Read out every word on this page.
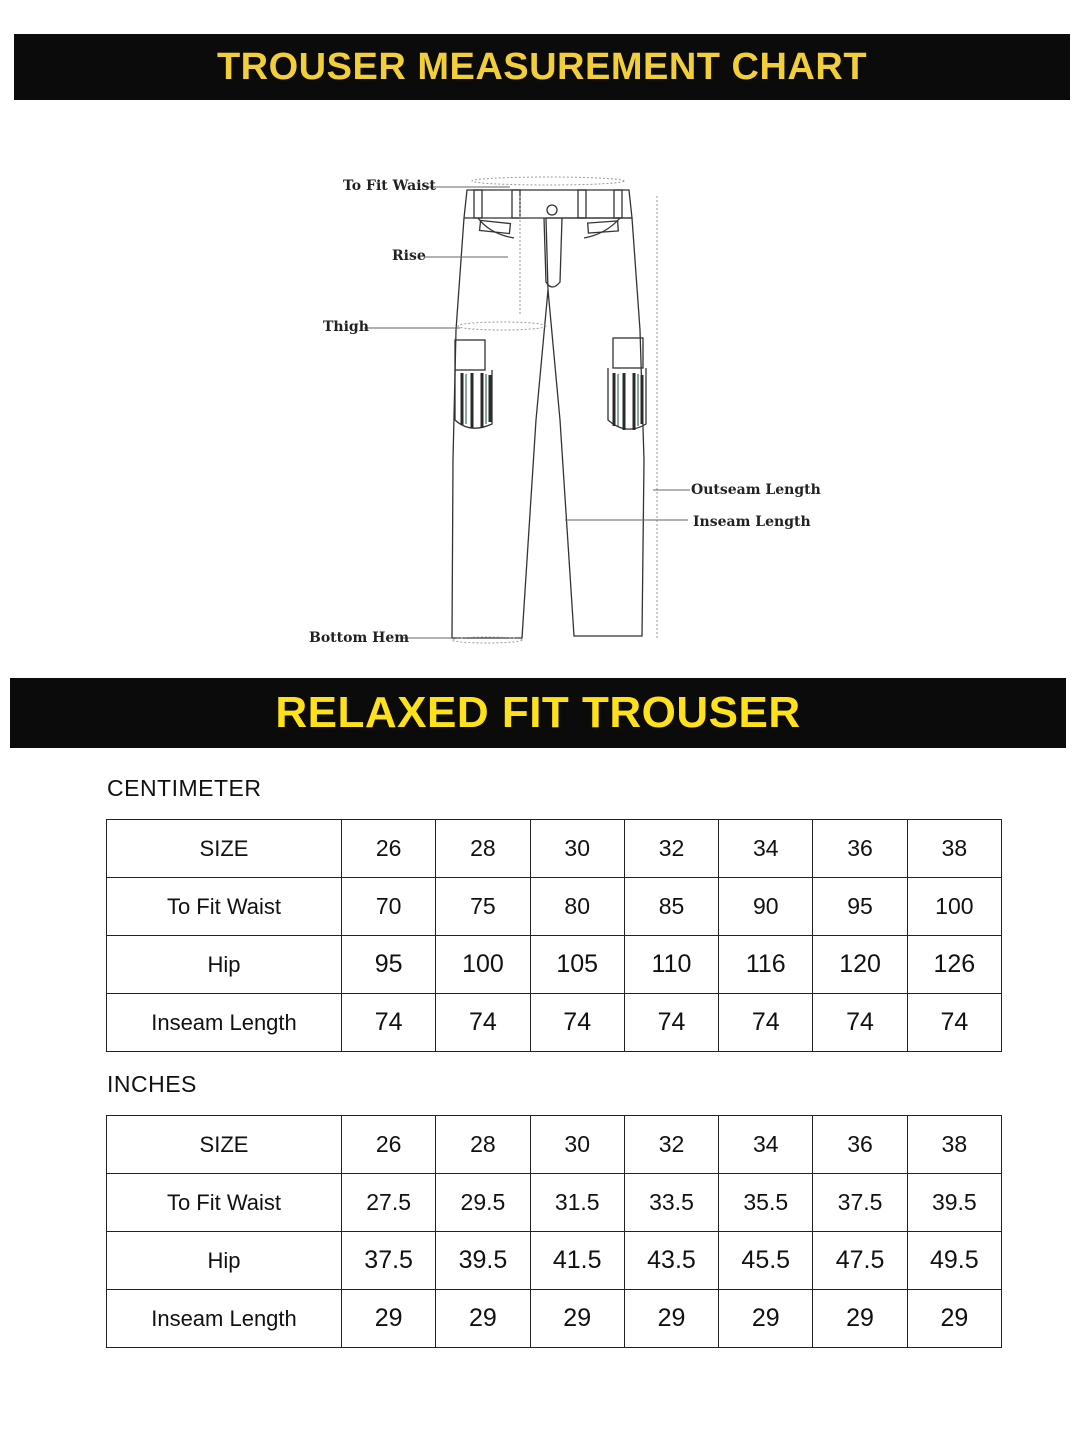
TROUSER MEASUREMENT CHART
To Fit Waist
Rise
Thigh
Outseam Length
Inseam Length
Bottom Hem
RELAXED FIT TROUSER
CENTIMETER
SIZE	26	28	30	32	34	36	38
To Fit Waist	70	75	80	85	90	95	100
Hip	95	100	105	110	116	120	126
Inseam Length	74	74	74	74	74	74	74
INCHES
SIZE	26	28	30	32	34	36	38
To Fit Waist	27.5	29.5	31.5	33.5	35.5	37.5	39.5
Hip	37.5	39.5	41.5	43.5	45.5	47.5	49.5
Inseam Length	29	29	29	29	29	29	29
